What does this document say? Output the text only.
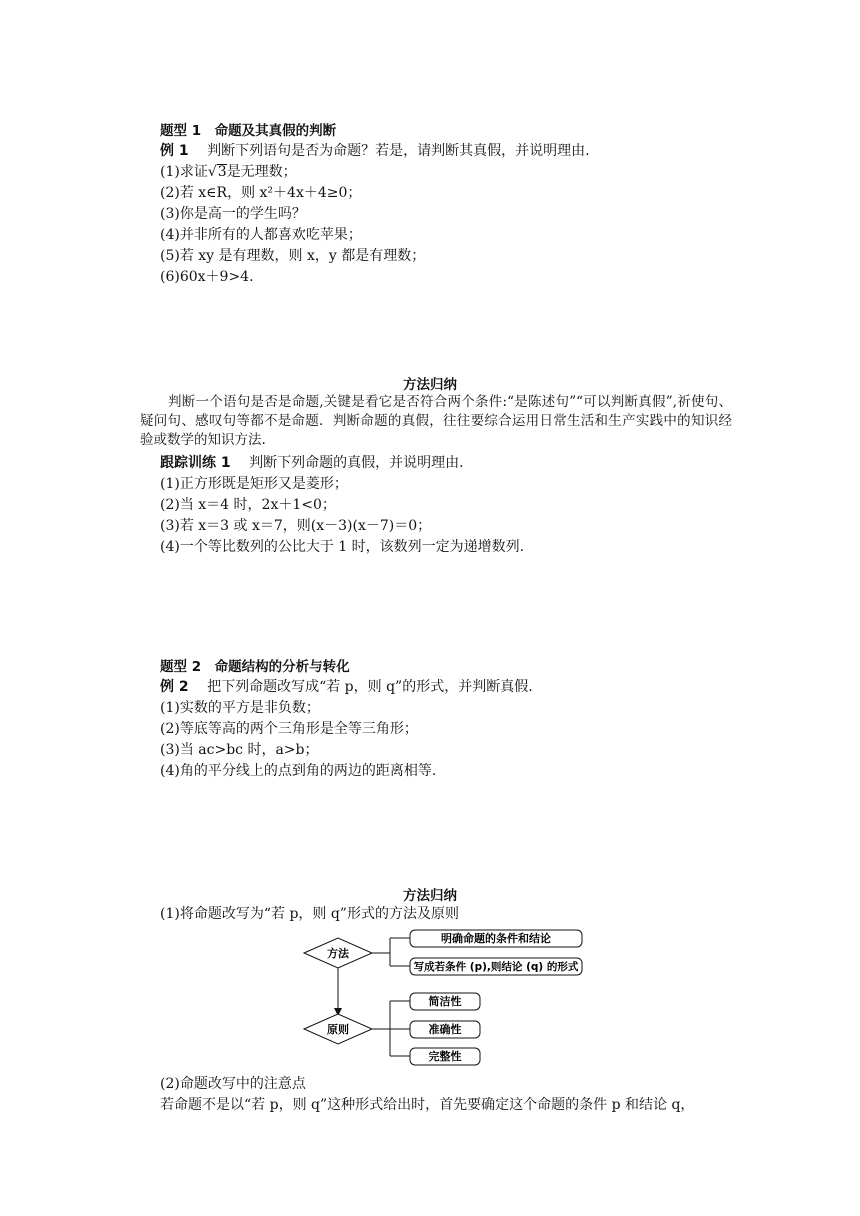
题型 1　命题及其真假的判断
例 1 判断下列语句是否为命题？若是，请判断其真假，并说明理由.
(1)求证√3是无理数；
(2)若 x∈R，则 x²＋4x＋4≥0；
(3)你是高一的学生吗？
(4)并非所有的人都喜欢吃苹果；
(5)若 xy 是有理数，则 x，y 都是有理数；
(6)60x＋9>4.
方法归纳
判断一个语句是否是命题,关键是看它是否符合两个条件:“是陈述句”“可以判断真假”,祈使句、疑问句、感叹句等都不是命题．判断命题的真假，往往要综合运用日常生活和生产实践中的知识经验或数学的知识方法.
跟踪训练 1 判断下列命题的真假，并说明理由.
(1)正方形既是矩形又是菱形；
(2)当 x＝4 时，2x＋1<0；
(3)若 x＝3 或 x＝7，则(x－3)(x－7)＝0；
(4)一个等比数列的公比大于 1 时，该数列一定为递增数列.
题型 2　命题结构的分析与转化
例 2 把下列命题改写成“若 p，则 q”的形式，并判断真假.
(1)实数的平方是非负数；
(2)等底等高的两个三角形是全等三角形；
(3)当 ac>bc 时，a>b；
(4)角的平分线上的点到角的两边的距离相等.
方法归纳
(1)将命题改写为“若 p，则 q”形式的方法及原则
方法
原则
明确命题的条件和结论
写成若条件 (p),则结论 (q) 的形式
简洁性
准确性
完整性
(2)命题改写中的注意点
若命题不是以“若 p，则 q”这种形式给出时，首先要确定这个命题的条件 p 和结论 q，
